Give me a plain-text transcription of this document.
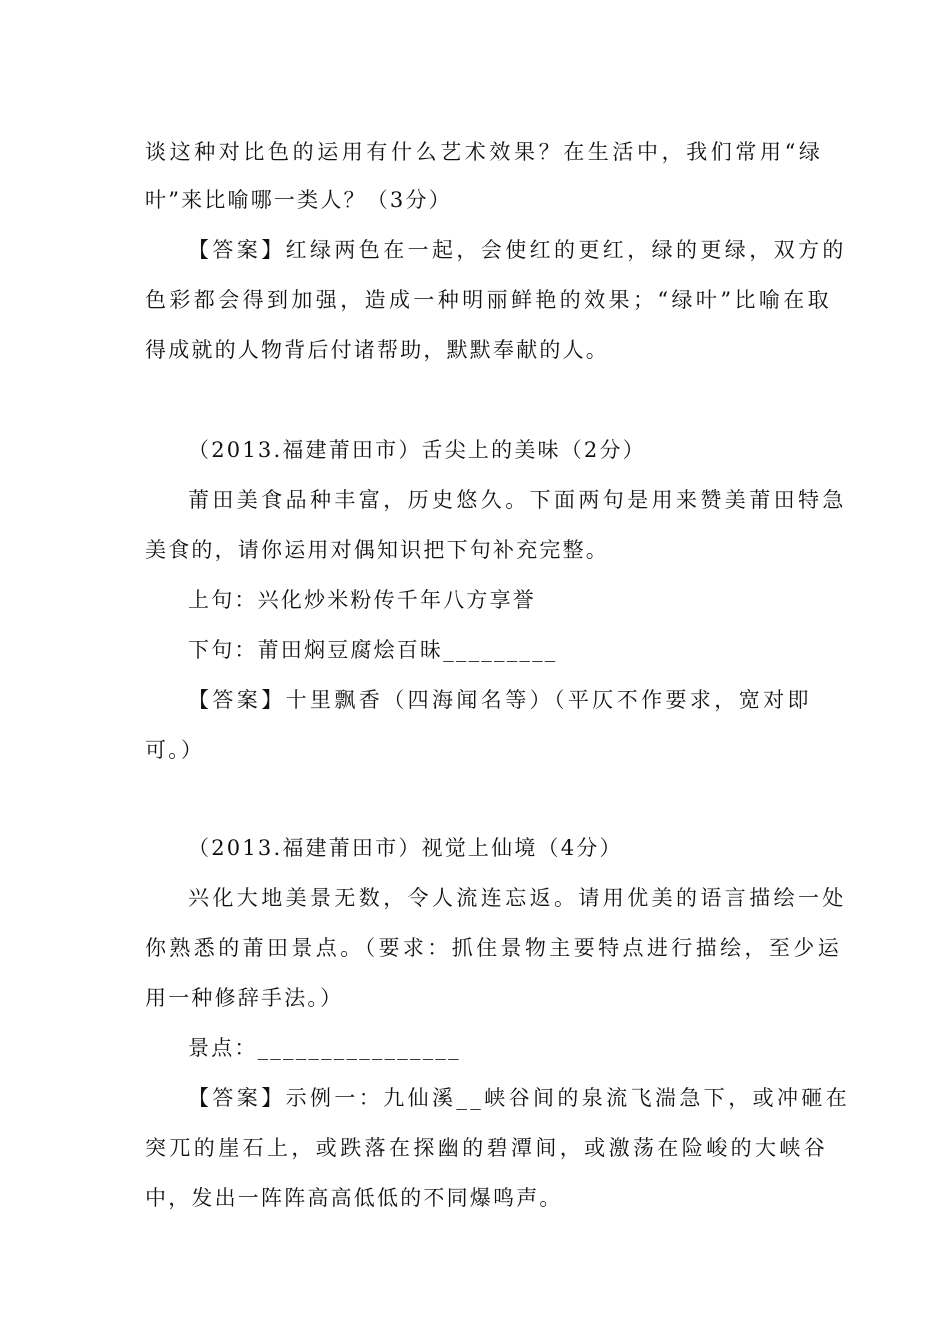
谈这种对比色的运用有什么艺术效果？在生活中，我们常用“绿
叶”来比喻哪一类人？（3分）
【答案】红绿两色在一起，会使红的更红，绿的更绿，双方的
色彩都会得到加强，造成一种明丽鲜艳的效果；“绿叶”比喻在取
得成就的人物背后付诸帮助，默默奉献的人。
（2013.福建莆田市）舌尖上的美味（2分）
莆田美食品种丰富，历史悠久。下面两句是用来赞美莆田特急
美食的，请你运用对偶知识把下句补充完整。
上句：兴化炒米粉传千年八方享誉
下句：莆田焖豆腐烩百昧_________
【答案】十里飘香（四海闻名等）（平仄不作要求，宽对即
可。）
（2013.福建莆田市）视觉上仙境（4分）
兴化大地美景无数，令人流连忘返。请用优美的语言描绘一处
你熟悉的莆田景点。（要求：抓住景物主要特点进行描绘，至少运
用一种修辞手法。）
景点：________________
【答案】示例一：九仙溪__峡谷间的泉流飞湍急下，或冲砸在
突兀的崖石上，或跌落在探幽的碧潭间，或激荡在险峻的大峡谷
中，发出一阵阵高高低低的不同爆鸣声。
